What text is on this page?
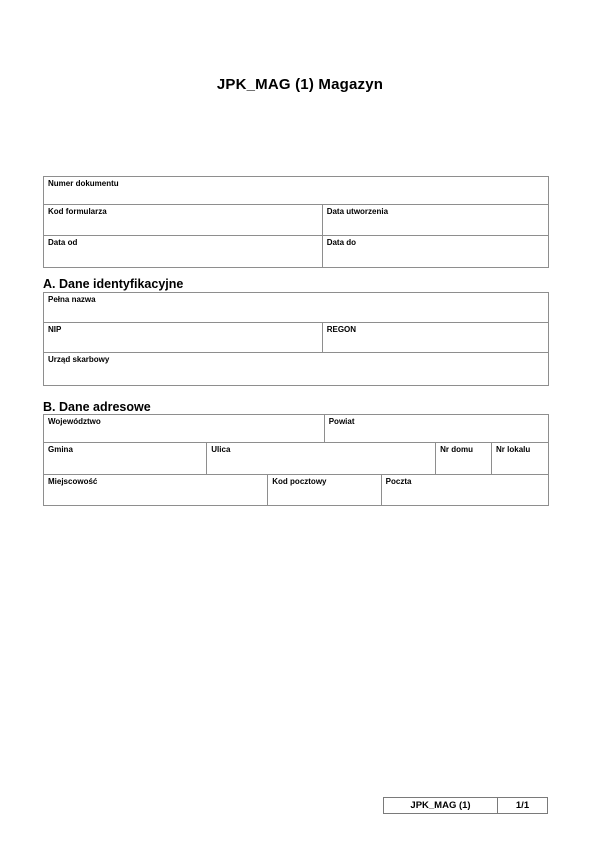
JPK_MAG (1) Magazyn
Numer dokumentu
Kod formularza	Data utworzenia
Data od	Data do
A. Dane identyfikacyjne
Pełna nazwa
NIP	REGON
Urząd skarbowy
B. Dane adresowe
Województwo	Powiat
Gmina	Ulica	Nr domu	Nr lokalu
Miejscowość	Kod pocztowy	Poczta
JPK_MAG (1)	1/1
